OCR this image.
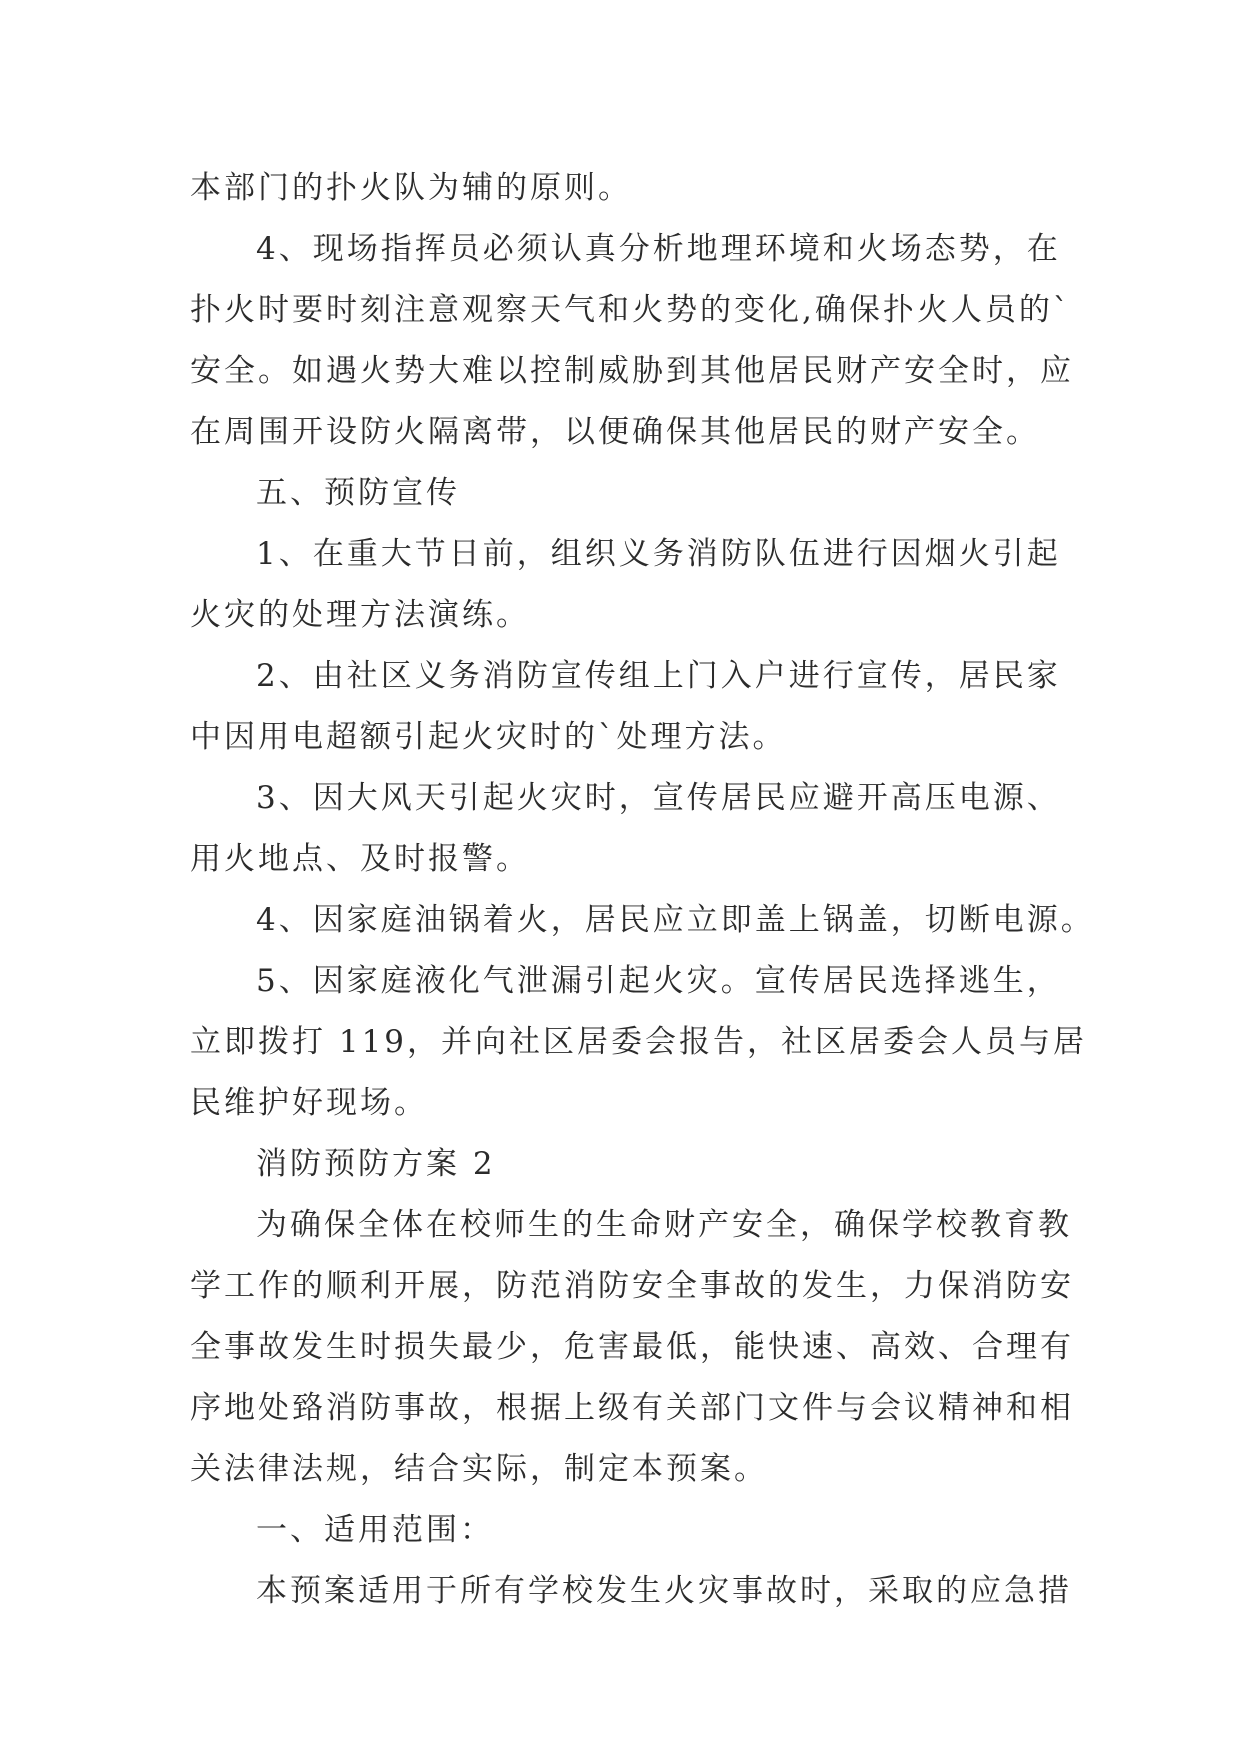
本部门的扑火队为辅的原则。

4、现场指挥员必须认真分析地理环境和火场态势，在

扑火时要时刻注意观察天气和火势的变化,确保扑火人员的`

安全。如遇火势大难以控制威胁到其他居民财产安全时，应

在周围开设防火隔离带，以便确保其他居民的财产安全。

五、预防宣传

1、在重大节日前，组织义务消防队伍进行因烟火引起

火灾的处理方法演练。

2、由社区义务消防宣传组上门入户进行宣传，居民家

中因用电超额引起火灾时的`处理方法。

3、因大风天引起火灾时，宣传居民应避开高压电源、

用火地点、及时报警。

4、因家庭油锅着火，居民应立即盖上锅盖，切断电源。

5、因家庭液化气泄漏引起火灾。宣传居民选择逃生，

立即拨打 119，并向社区居委会报告，社区居委会人员与居

民维护好现场。

消防预防方案 2

为确保全体在校师生的生命财产安全，确保学校教育教

学工作的顺利开展，防范消防安全事故的发生，力保消防安

全事故发生时损失最少，危害最低，能快速、高效、合理有

序地处臵消防事故，根据上级有关部门文件与会议精神和相

关法律法规，结合实际，制定本预案。

一、适用范围：

本预案适用于所有学校发生火灾事故时，采取的应急措
